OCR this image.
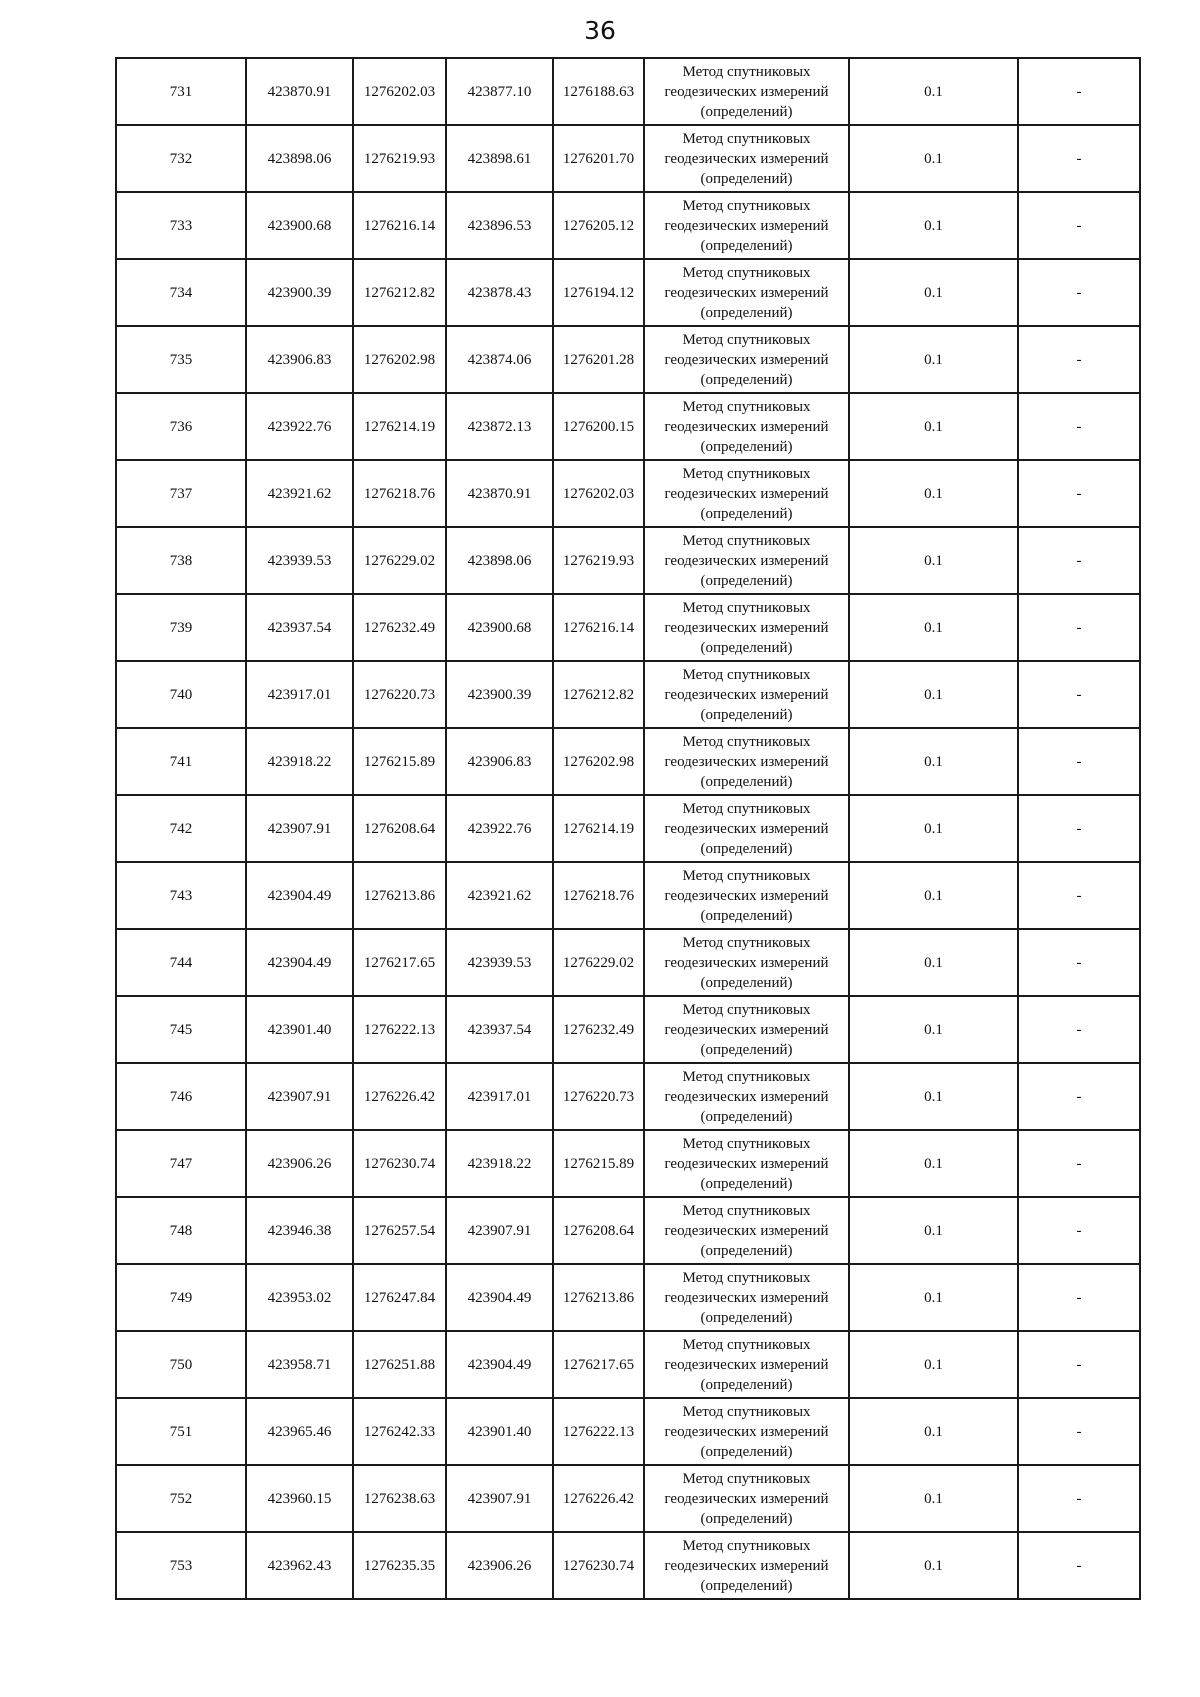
36
731	423870.91	1276202.03	423877.10	1276188.63	Метод спутниковых
геодезических измерений
(определений)	0.1	-
732	423898.06	1276219.93	423898.61	1276201.70	Метод спутниковых
геодезических измерений
(определений)	0.1	-
733	423900.68	1276216.14	423896.53	1276205.12	Метод спутниковых
геодезических измерений
(определений)	0.1	-
734	423900.39	1276212.82	423878.43	1276194.12	Метод спутниковых
геодезических измерений
(определений)	0.1	-
735	423906.83	1276202.98	423874.06	1276201.28	Метод спутниковых
геодезических измерений
(определений)	0.1	-
736	423922.76	1276214.19	423872.13	1276200.15	Метод спутниковых
геодезических измерений
(определений)	0.1	-
737	423921.62	1276218.76	423870.91	1276202.03	Метод спутниковых
геодезических измерений
(определений)	0.1	-
738	423939.53	1276229.02	423898.06	1276219.93	Метод спутниковых
геодезических измерений
(определений)	0.1	-
739	423937.54	1276232.49	423900.68	1276216.14	Метод спутниковых
геодезических измерений
(определений)	0.1	-
740	423917.01	1276220.73	423900.39	1276212.82	Метод спутниковых
геодезических измерений
(определений)	0.1	-
741	423918.22	1276215.89	423906.83	1276202.98	Метод спутниковых
геодезических измерений
(определений)	0.1	-
742	423907.91	1276208.64	423922.76	1276214.19	Метод спутниковых
геодезических измерений
(определений)	0.1	-
743	423904.49	1276213.86	423921.62	1276218.76	Метод спутниковых
геодезических измерений
(определений)	0.1	-
744	423904.49	1276217.65	423939.53	1276229.02	Метод спутниковых
геодезических измерений
(определений)	0.1	-
745	423901.40	1276222.13	423937.54	1276232.49	Метод спутниковых
геодезических измерений
(определений)	0.1	-
746	423907.91	1276226.42	423917.01	1276220.73	Метод спутниковых
геодезических измерений
(определений)	0.1	-
747	423906.26	1276230.74	423918.22	1276215.89	Метод спутниковых
геодезических измерений
(определений)	0.1	-
748	423946.38	1276257.54	423907.91	1276208.64	Метод спутниковых
геодезических измерений
(определений)	0.1	-
749	423953.02	1276247.84	423904.49	1276213.86	Метод спутниковых
геодезических измерений
(определений)	0.1	-
750	423958.71	1276251.88	423904.49	1276217.65	Метод спутниковых
геодезических измерений
(определений)	0.1	-
751	423965.46	1276242.33	423901.40	1276222.13	Метод спутниковых
геодезических измерений
(определений)	0.1	-
752	423960.15	1276238.63	423907.91	1276226.42	Метод спутниковых
геодезических измерений
(определений)	0.1	-
753	423962.43	1276235.35	423906.26	1276230.74	Метод спутниковых
геодезических измерений
(определений)	0.1	-
